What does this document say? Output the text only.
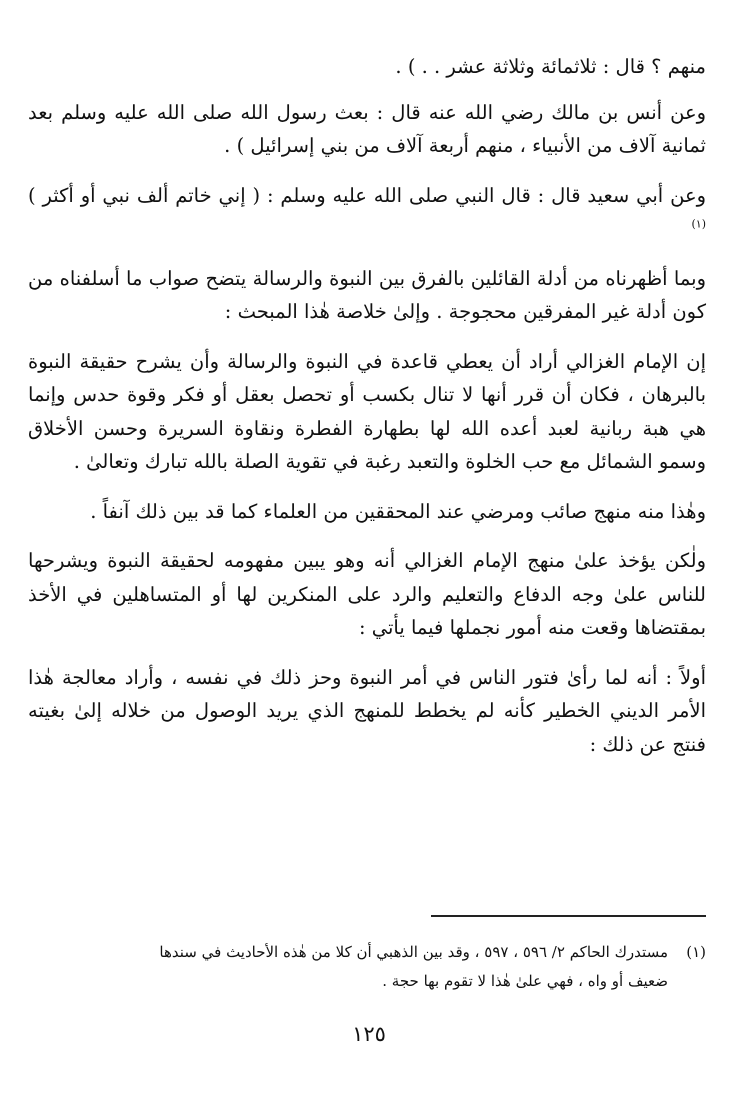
منهم ؟ قال : ثلاثمائة وثلاثة عشر . . ) .

وعن أنس بن مالك رضي الله عنه قال : بعث رسول الله صلى الله عليه وسلم بعد ثمانية آلاف من الأنبياء ، منهم أربعة آلاف من بني إسرائيل ) .

وعن أبي سعيد قال : قال النبي صلى الله عليه وسلم : ( إني خاتم ألف نبي أو أكثر )$^{(١)}$

وبما أظهرناه من أدلة القائلين بالفرق بين النبوة والرسالة يتضح صواب ما أسلفناه من كون أدلة غير المفرقين محجوجة . وإلىٰ خلاصة هٰذا المبحث :

إن الإمام الغزالي أراد أن يعطي قاعدة في النبوة والرسالة وأن يشرح حقيقة النبوة بالبرهان ، فكان أن قرر أنها لا تنال بكسب أو تحصل بعقل أو فكر وقوة حدس وإنما هي هبة ربانية لعبد أعده الله لها بطهارة الفطرة ونقاوة السريرة وحسن الأخلاق وسمو الشمائل مع حب الخلوة والتعبد رغبة في تقوية الصلة بالله تبارك وتعالىٰ .

وهٰذا منه منهج صائب ومرضي عند المحققين من العلماء كما قد بين ذلك آنفاً .

ولٰكن يؤخذ علىٰ منهج الإمام الغزالي أنه وهو يبين مفهومه لحقيقة النبوة ويشرحها للناس علىٰ وجه الدفاع والتعليم والرد على المنكرين لها أو المتساهلين في الأخذ بمقتضاها وقعت منه أمور نجملها فيما يأتي :

أولاً : أنه لما رأىٰ فتور الناس في أمر النبوة وحز ذلك في نفسه ، وأراد معالجة هٰذا الأمر الديني الخطير كأنه لم يخطط للمنهج الذي يريد الوصول من خلاله إلىٰ بغيته فنتج عن ذلك :

(١)مستدرك الحاكم ٢/ ٥٩٦ ، ٥٩٧ ، وقد بين الذهبي أن كلا من هٰذه الأحاديث في سندها
ضعيف أو واه ، فهي علىٰ هٰذا لا تقوم بها حجة .
١٢٥
